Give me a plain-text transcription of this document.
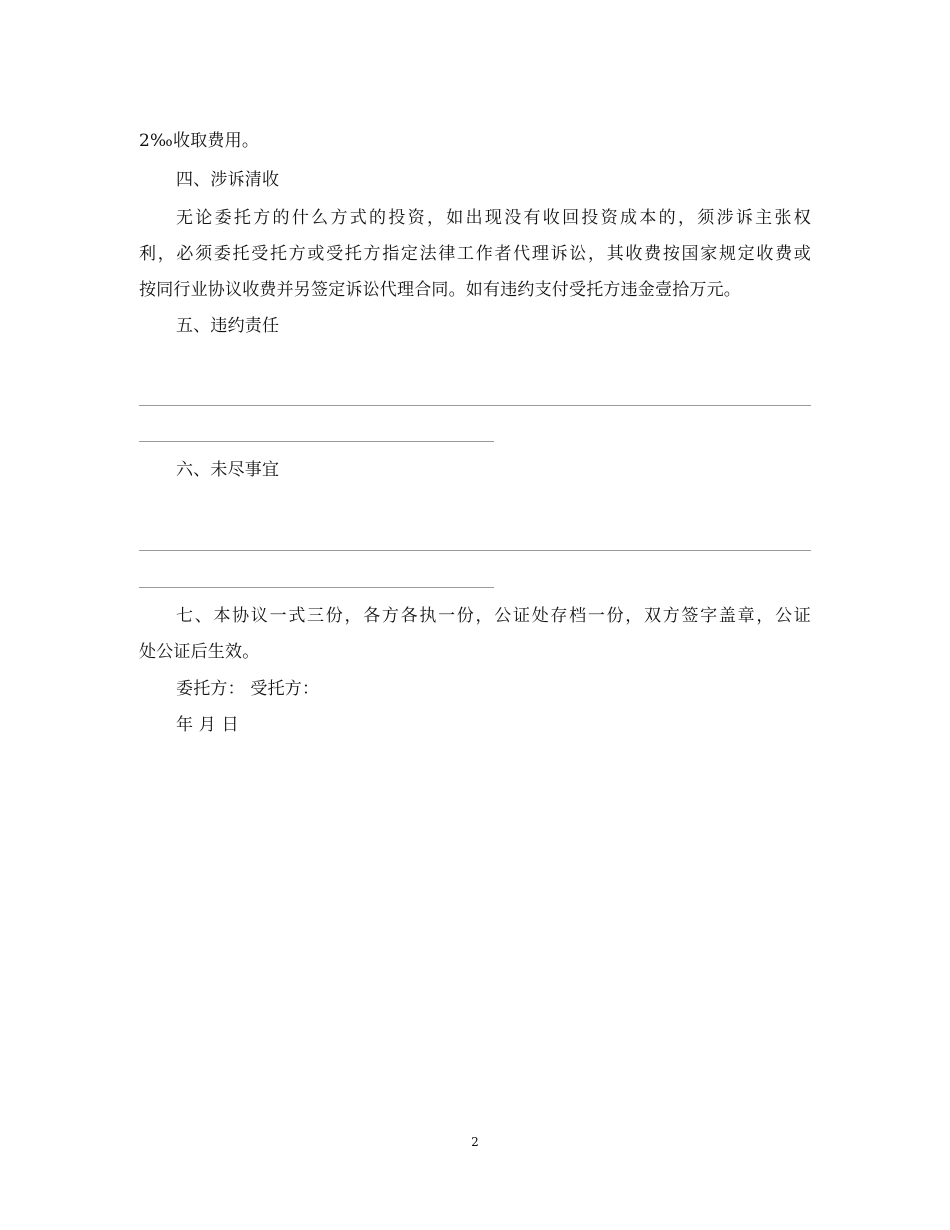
2‰收取费用。
四、涉诉清收
无论委托方的什么方式的投资，如出现没有收回投资成本的，须涉诉主张权
利，必须委托受托方或受托方指定法律工作者代理诉讼，其收费按国家规定收费或
按同行业协议收费并另签定诉讼代理合同。如有违约支付受托方违金壹拾万元。
五、违约责任
六、未尽事宜
七、本协议一式三份，各方各执一份，公证处存档一份，双方签字盖章，公证
处公证后生效。
委托方： 受托方：
年 月 日
2
